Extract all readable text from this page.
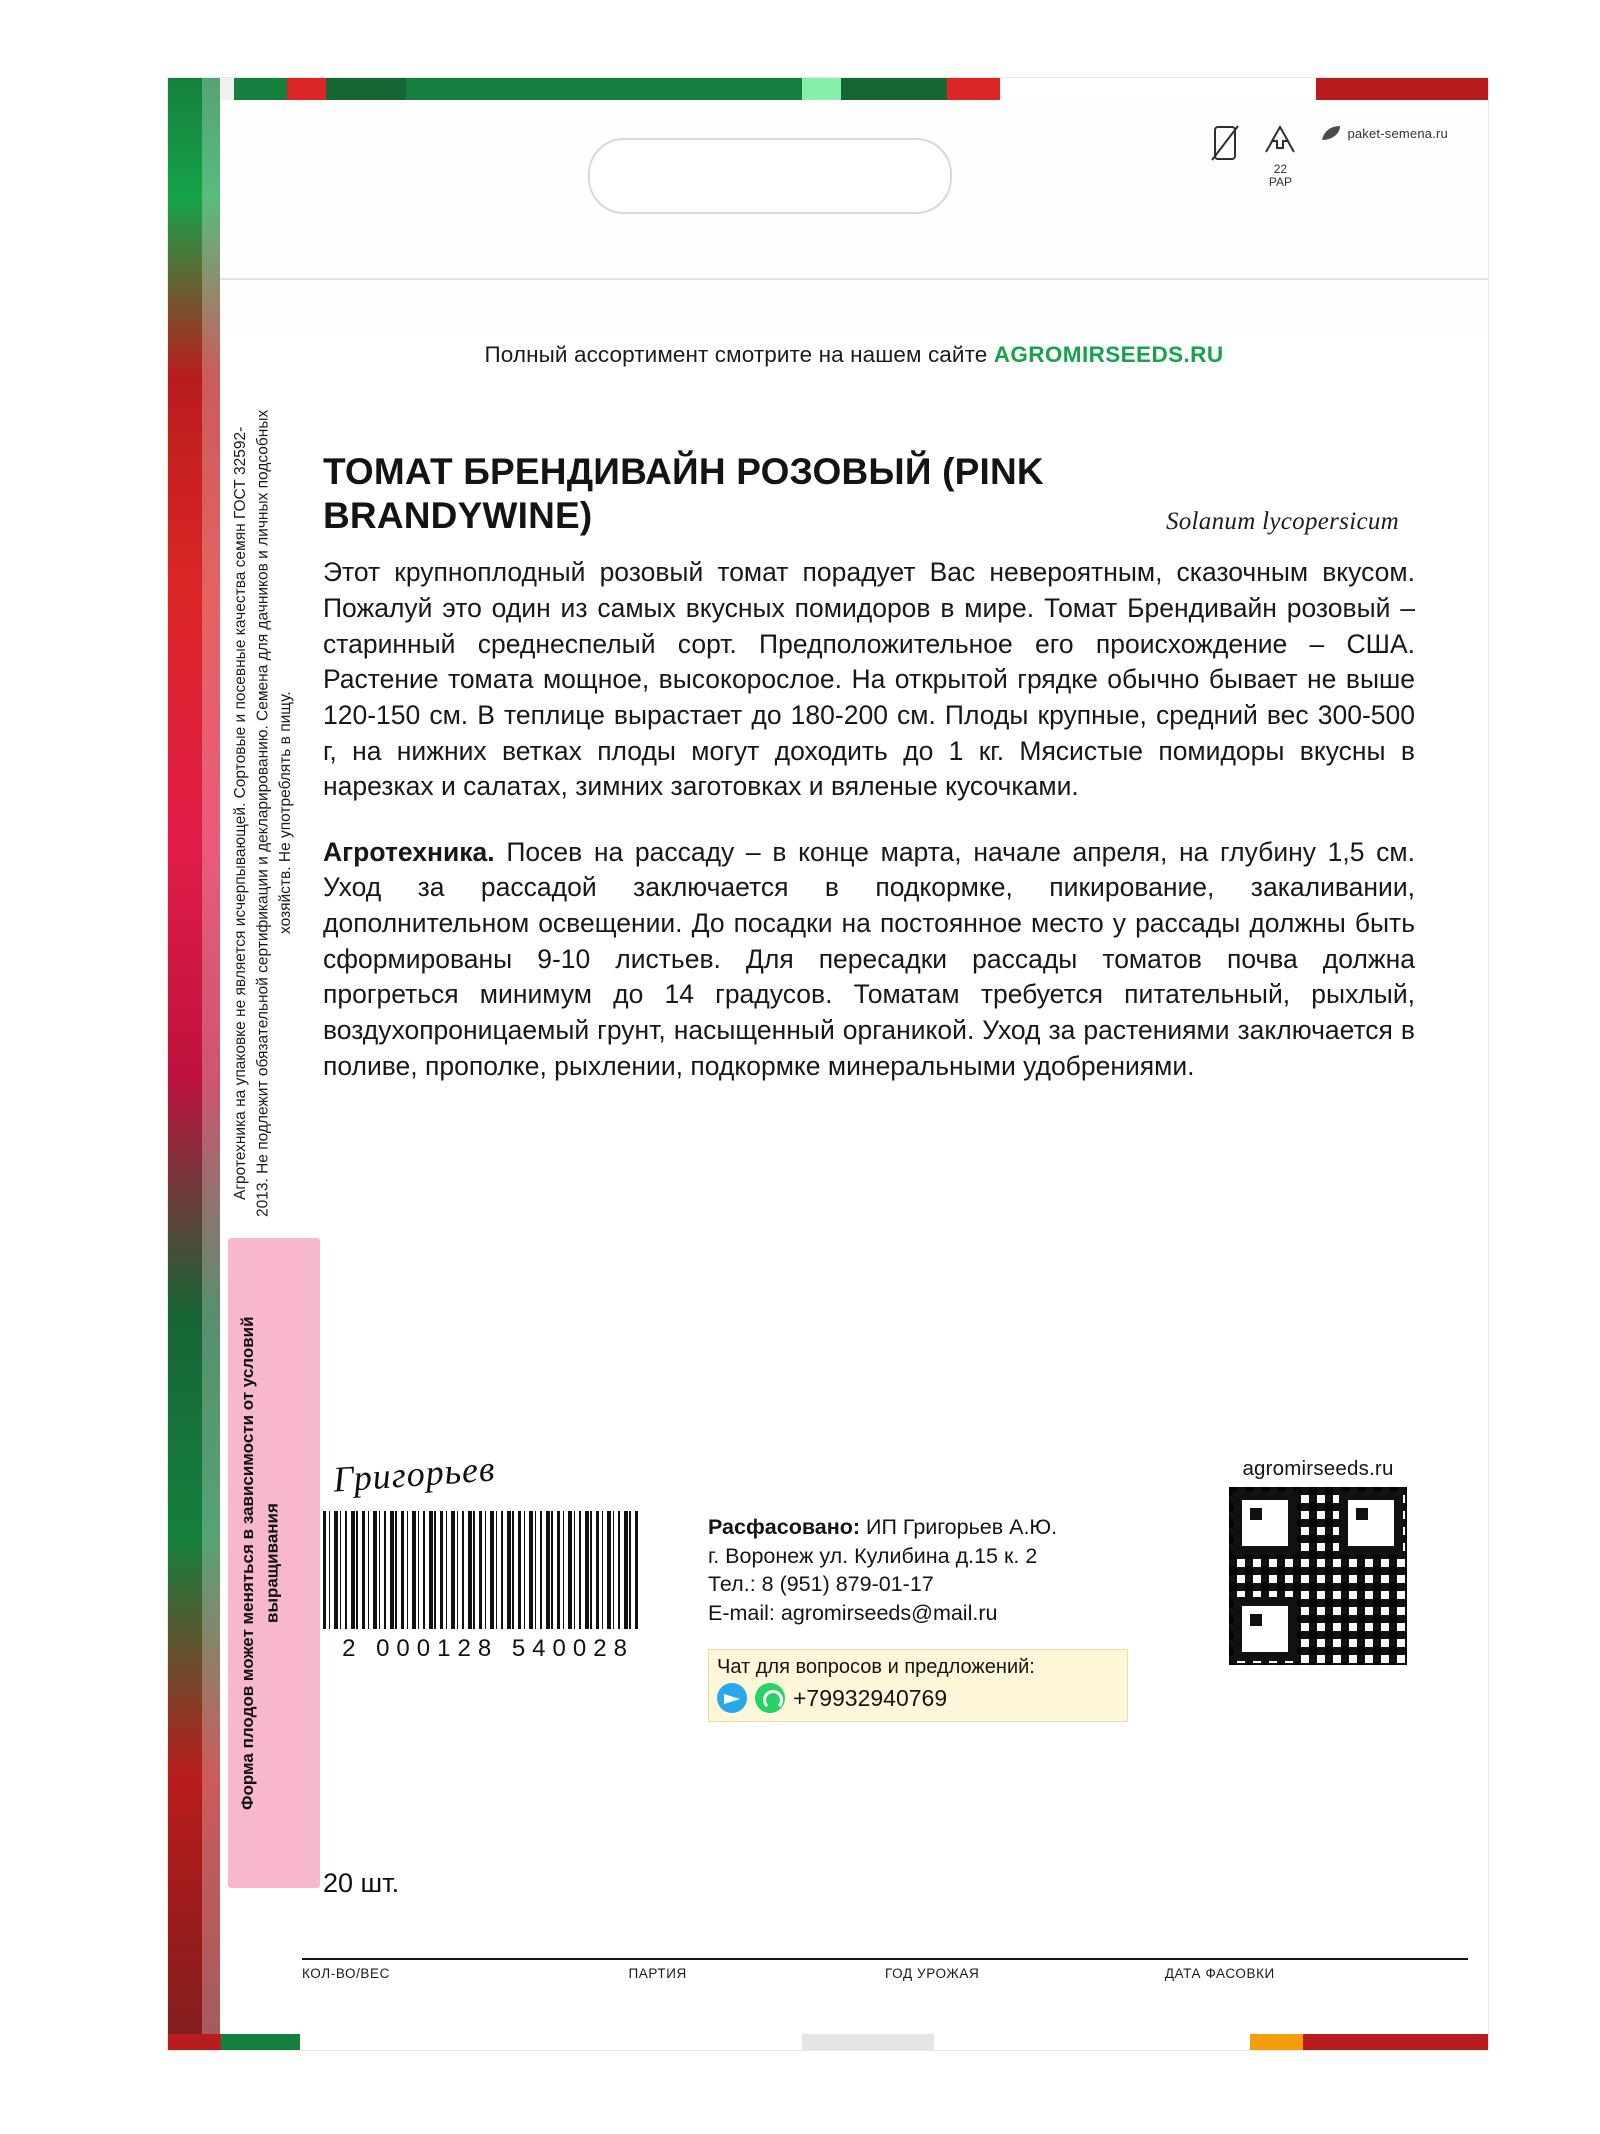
22
PAP
paket-semena.ru
Полный ассортимент смотрите на нашем сайте AGROMIRSEEDS.RU
ТОМАТ БРЕНДИВАЙН РОЗОВЫЙ (PINK BRANDYWINE)	Solanum lycopersicum

Этот крупноплодный розовый томат порадует Вас невероятным, сказочным вкусом. Пожалуй это один из самых вкусных помидоров в мире. Томат Брендивайн розовый – старинный среднеспелый сорт. Предположительное его происхождение – США. Растение томата мощное, высокорослое. На открытой грядке обычно бывает не выше 120-150 см. В теплице вырастает до 180-200 см. Плоды крупные, средний вес 300-500 г, на нижних ветках плоды могут доходить до 1 кг. Мясистые помидоры вкусны в нарезках и салатах, зимних заготовках и вяленые кусочками.

Агротехника. Посев на рассаду – в конце марта, начале апреля, на глубину 1,5 см. Уход за рассадой заключается в подкормке, пикирование, закаливании, дополнительном освещении. До посадки на постоянное место у рассады должны быть сформированы 9-10 листьев. Для пересадки рассады томатов почва должна прогреться минимум до 14 градусов. Томатам требуется питательный, рыхлый, воздухопроницаемый грунт, насыщенный органикой. Уход за растениями заключается в поливе, прополке, рыхлении, подкормке минеральными удобрениями.

Григорьев
2 000128 540028
Расфасовано: ИП Григорьев А.Ю.
г. Воронеж ул. Кулибина д.15 к. 2
Тел.: 8 (951) 879-01-17
E-mail: agromirseeds@mail.ru
Чат для вопросов и предложений:
+79932940769
agromirseeds.ru
20 шт.
КОЛ-ВО/ВЕС	ПАРТИЯ	ГОД УРОЖАЯ	ДАТА ФАСОВКИ
Агротехника на упаковке не является исчерпывающей. Сортовые и посевные качества семян ГОСТ 32592-2013. Не подлежит обязательной сертификации и декларированию. Семена для дачников и личных подсобных хозяйств. Не употреблять в пищу.
Форма плодов может меняться в зависимости от условий выращивания
